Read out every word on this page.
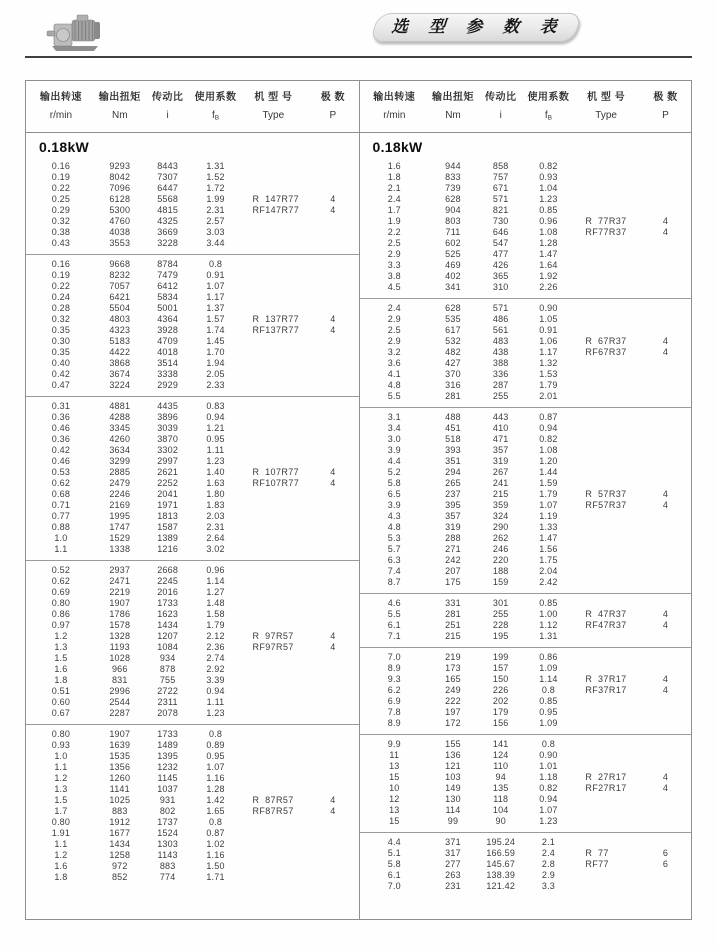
选 型 参 数 表
输出转速	输出扭矩	传动比	使用系数	机 型 号	极 数
r/min	Nm	i	$f_B$	Type	P
输出转速	输出扭矩	传动比	使用系数	机 型 号	极 数
r/min	Nm	i	$f_B$	Type	P
0.18kW
0.16	9293	8443	1.31
0.19	8042	7307	1.52
0.22	7096	6447	1.72
0.25	6128	5568	1.99	R  147R77	4
0.29	5300	4815	2.31	RF147R77	4
0.32	4760	4325	2.57
0.38	4038	3669	3.03
0.43	3553	3228	3.44
0.16	9668	8784	0.8
0.19	8232	7479	0.91
0.22	7057	6412	1.07
0.24	6421	5834	1.17
0.28	5504	5001	1.37
0.32	4803	4364	1.57	R  137R77	4
0.35	4323	3928	1.74	RF137R77	4
0.30	5183	4709	1.45
0.35	4422	4018	1.70
0.40	3868	3514	1.94
0.42	3674	3338	2.05
0.47	3224	2929	2.33
0.31	4881	4435	0.83
0.36	4288	3896	0.94
0.46	3345	3039	1.21
0.36	4260	3870	0.95
0.42	3634	3302	1.11
0.46	3299	2997	1.23
0.53	2885	2621	1.40	R  107R77	4
0.62	2479	2252	1.63	RF107R77	4
0.68	2246	2041	1.80
0.71	2169	1971	1.83
0.77	1995	1813	2.03
0.88	1747	1587	2.31
1.0	1529	1389	2.64
1.1	1338	1216	3.02
0.52	2937	2668	0.96
0.62	2471	2245	1.14
0.69	2219	2016	1.27
0.80	1907	1733	1.48
0.86	1786	1623	1.58
0.97	1578	1434	1.79
1.2	1328	1207	2.12	R  97R57	4
1.3	1193	1084	2.36	RF97R57	4
1.5	1028	934	2.74
1.6	966	878	2.92
1.8	831	755	3.39
0.51	2996	2722	0.94
0.60	2544	2311	1.11
0.67	2287	2078	1.23
0.80	1907	1733	0.8
0.93	1639	1489	0.89
1.0	1535	1395	0.95
1.1	1356	1232	1.07
1.2	1260	1145	1.16
1.3	1141	1037	1.28
1.5	1025	931	1.42	R  87R57	4
1.7	883	802	1.65	RF87R57	4
0.80	1912	1737	0.8
1.91	1677	1524	0.87
1.1	1434	1303	1.02
1.2	1258	1143	1.16
1.6	972	883	1.50
1.8	852	774	1.71
0.18kW
1.6	944	858	0.82
1.8	833	757	0.93
2.1	739	671	1.04
2.4	628	571	1.23
1.7	904	821	0.85
1.9	803	730	0.96	R  77R37	4
2.2	711	646	1.08	RF77R37	4
2.5	602	547	1.28
2.9	525	477	1.47
3.3	469	426	1.64
3.8	402	365	1.92
4.5	341	310	2.26
2.4	628	571	0.90
2.9	535	486	1.05
2.5	617	561	0.91
2.9	532	483	1.06	R  67R37	4
3.2	482	438	1.17	RF67R37	4
3.6	427	388	1.32
4.1	370	336	1.53
4.8	316	287	1.79
5.5	281	255	2.01
3.1	488	443	0.87
3.4	451	410	0.94
3.0	518	471	0.82
3.9	393	357	1.08
4.4	351	319	1.20
5.2	294	267	1.44
5.8	265	241	1.59
6.5	237	215	1.79	R  57R37	4
3.9	395	359	1.07	RF57R37	4
4.3	357	324	1.19
4.8	319	290	1.33
5.3	288	262	1.47
5.7	271	246	1.56
6.3	242	220	1.75
7.4	207	188	2.04
8.7	175	159	2.42
4.6	331	301	0.85
5.5	281	255	1.00	R  47R37	4
6.1	251	228	1.12	RF47R37	4
7.1	215	195	1.31
7.0	219	199	0.86
8.9	173	157	1.09
9.3	165	150	1.14	R  37R17	4
6.2	249	226	0.8	RF37R17	4
6.9	222	202	0.85
7.8	197	179	0.95
8.9	172	156	1.09
9.9	155	141	0.8
11	136	124	0.90
13	121	110	1.01
15	103	94	1.18	R  27R17	4
10	149	135	0.82	RF27R17	4
12	130	118	0.94
13	114	104	1.07
15	99	90	1.23
4.4	371	195.24	2.1
5.1	317	166.59	2.4	R  77	6
5.8	277	145.67	2.8	RF77	6
6.1	263	138.39	2.9
7.0	231	121.42	3.3
